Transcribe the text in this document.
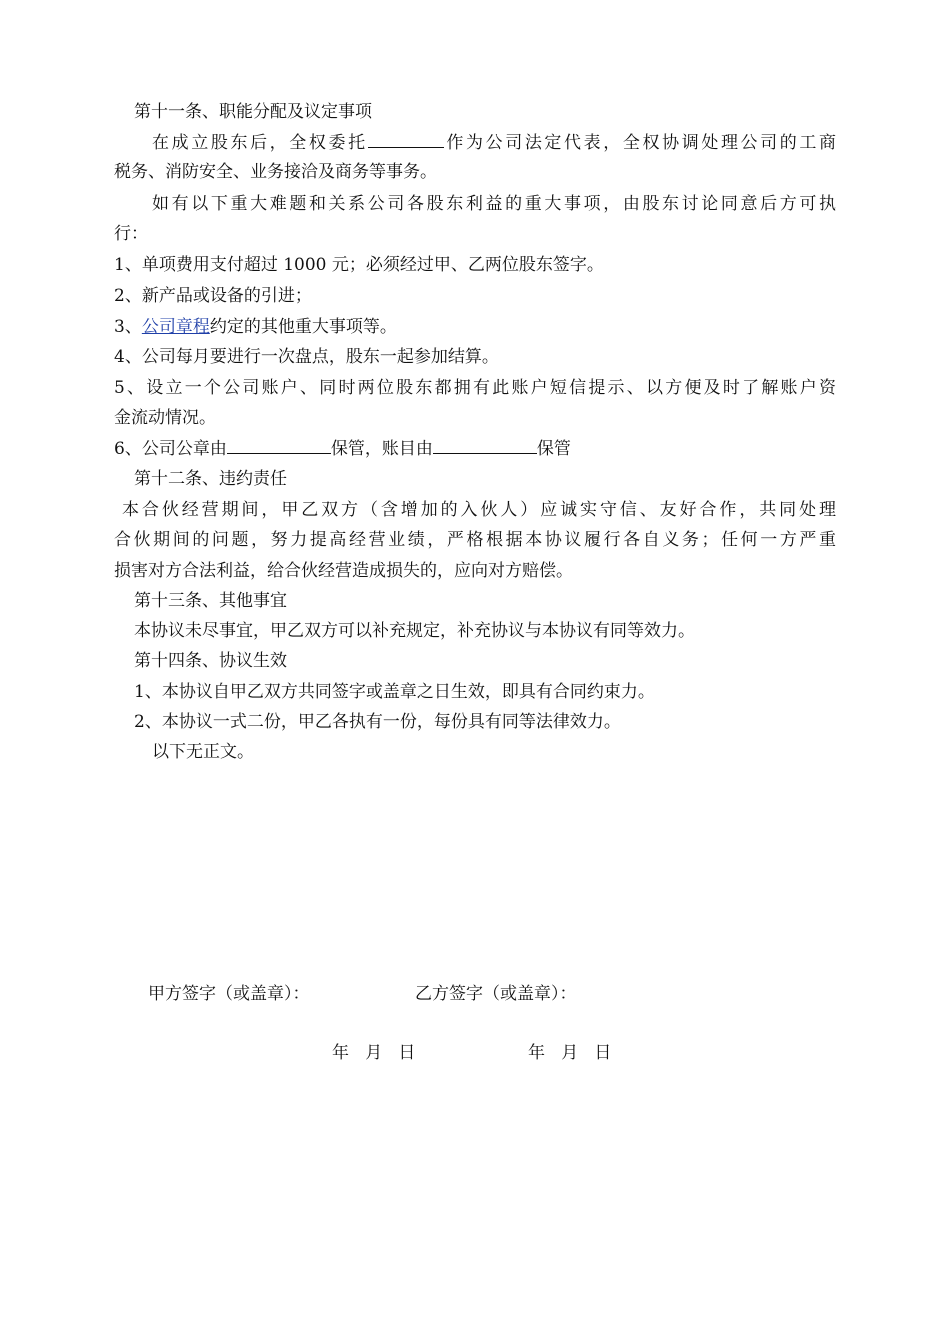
第十一条、职能分配及议定事项
在成立股东后，全权委托	作为公司法定代表，全权协调处理公司的工商
税务、消防安全、业务接洽及商务等事务。
如有以下重大难题和关系公司各股东利益的重大事项，由股东讨论同意后方可执
行：
1、单项费用支付超过 1000 元；必须经过甲、乙两位股东签字。
2、新产品或设备的引进；
3、公司章程约定的其他重大事项等。
4、公司每月要进行一次盘点，股东一起参加结算。
5、设立一个公司账户、同时两位股东都拥有此账户短信提示、以方便及时了解账户资
金流动情况。
6、公司公章由	保管，账目由	保管
第十二条、违约责任
本合伙经营期间，甲乙双方（含增加的入伙人）应诚实守信、友好合作，共同处理
合伙期间的问题，努力提高经营业绩，严格根据本协议履行各自义务；任何一方严重
损害对方合法利益，给合伙经营造成损失的，应向对方赔偿。
第十三条、其他事宜
本协议未尽事宜，甲乙双方可以补充规定，补充协议与本协议有同等效力。
第十四条、协议生效
1、本协议自甲乙双方共同签字或盖章之日生效，即具有合同约束力。
2、本协议一式二份，甲乙各执有一份，每份具有同等法律效力。
以下无正文。
甲方签字（或盖章）：	乙方签字（或盖章）：
年   月   日	年   月   日
